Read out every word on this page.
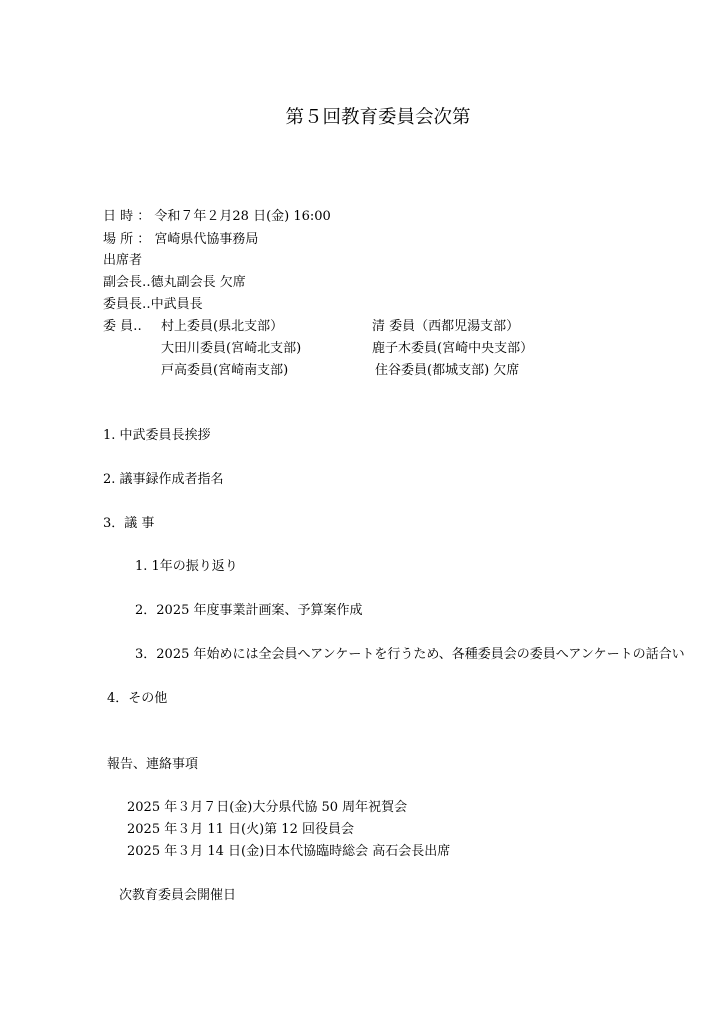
第５回教育委員会次第
日 時 ： 令和７年２月28 日(金) 16:00
場 所 ： 宮崎県代協事務局
出席者
副会長‥德丸副会長 欠席
委員長‥中武員長
委 員‥ 村上委員(県北支部）	清 委員（西都児湯支部）
大田川委員(宮崎北支部)	鹿子木委員(宮崎中央支部）
戸高委員(宮崎南支部)	住谷委員(都城支部) 欠席
1. 中武委員長挨拶
2. 議事録作成者指名
3．議 事
1. 1年の振り返り
2．2025 年度事業計画案、予算案作成
3．2025 年始めには全会員へアンケートを行うため、各種委員会の委員へアンケートの話合い
4．その他
報告、連絡事項
2025 年３月７日(金)大分県代協 50 周年祝賀会
2025 年３月 11 日(火)第 12 回役員会
2025 年３月 14 日(金)日本代協臨時総会 高石会長出席
次教育委員会開催日
